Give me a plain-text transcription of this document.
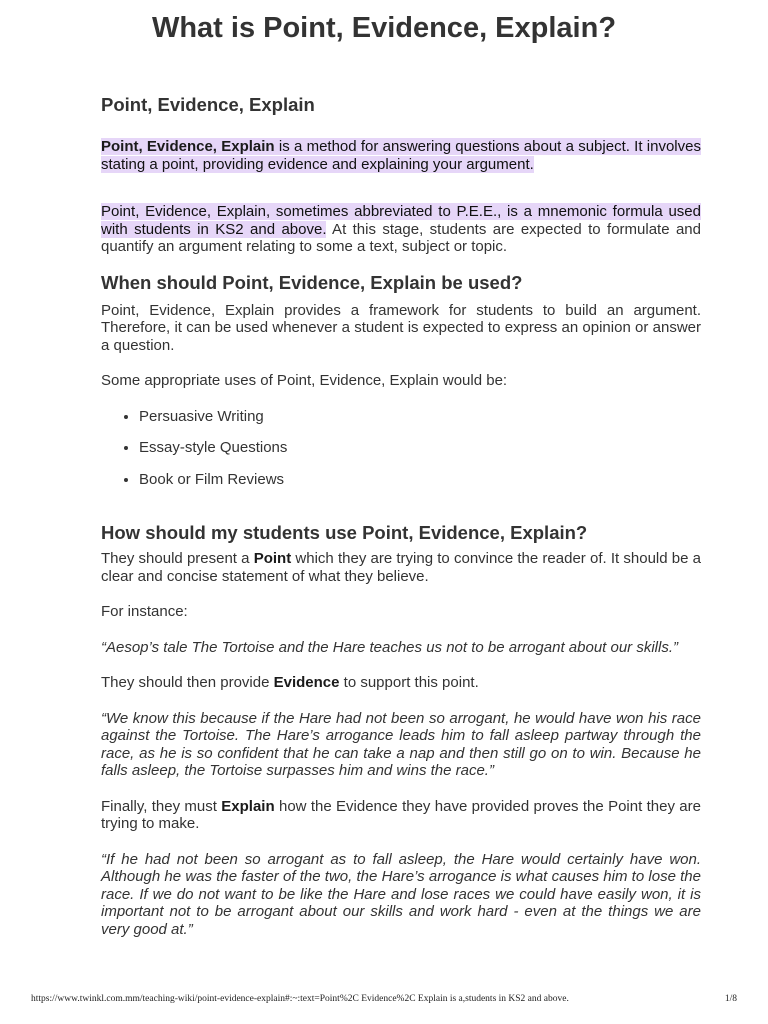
What is Point, Evidence, Explain?
Point, Evidence, Explain

Point, Evidence, Explain is a method for answering questions about a subject. It involves stating a point, providing evidence and explaining your argument.

Point, Evidence, Explain, sometimes abbreviated to P.E.E., is a mnemonic formula used with students in KS2 and above. At this stage, students are expected to formulate and quantify an argument relating to some a text, subject or topic.

When should Point, Evidence, Explain be used?

Point, Evidence, Explain provides a framework for students to build an argument. Therefore, it can be used whenever a student is expected to express an opinion or answer a question.

Some appropriate uses of Point, Evidence, Explain would be:

• Persuasive Writing
• Essay-style Questions
• Book or Film Reviews
How should my students use Point, Evidence, Explain?

They should present a Point which they are trying to convince the reader of. It should be a clear and concise statement of what they believe.

For instance:

“Aesop’s tale The Tortoise and the Hare teaches us not to be arrogant about our skills.”

They should then provide Evidence to support this point.

“We know this because if the Hare had not been so arrogant, he would have won his race against the Tortoise. The Hare’s arrogance leads him to fall asleep partway through the race, as he is so confident that he can take a nap and then still go on to win. Because he falls asleep, the Tortoise surpasses him and wins the race.”

Finally, they must Explain how the Evidence they have provided proves the Point they are trying to make.

“If he had not been so arrogant as to fall asleep, the Hare would certainly have won. Although he was the faster of the two, the Hare’s arrogance is what causes him to lose the race. If we do not want to be like the Hare and lose races we could have easily won, it is important not to be arrogant about our skills and work hard - even at the things we are very good at.”

https://www.twinkl.com.mm/teaching-wiki/point-evidence-explain#:~:text=Point%2C Evidence%2C Explain is a,students in KS2 and above.	1/8
